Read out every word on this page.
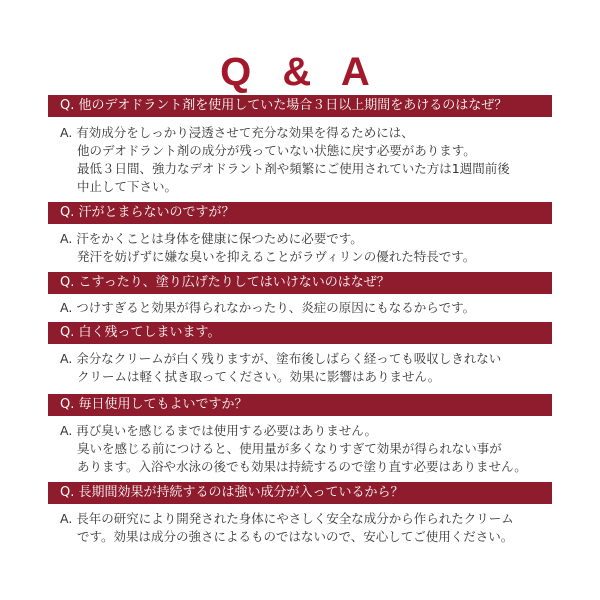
Q & A
Q. 他のデオドラント剤を使用していた場合３日以上期間をあけるのはなぜ？
A. 有効成分をしっかり浸透させて充分な効果を得るためには、
他のデオドラント剤の成分が残っていない状態に戻す必要があります。
最低３日間、強力なデオドラント剤や頻繁にご使用されていた方は1週間前後
中止して下さい。
Q. 汗がとまらないのですが？
A. 汗をかくことは身体を健康に保つために必要です。
発汗を妨げずに嫌な臭いを抑えることがラヴィリンの優れた特長です。
Q. こすったり、塗り広げたりしてはいけないのはなぜ？
A. つけすぎると効果が得られなかったり、炎症の原因にもなるからです。
Q. 白く残ってしまいます。
A. 余分なクリームが白く残りますが、塗布後しばらく経っても吸収しきれない
クリームは軽く拭き取ってください。効果に影響はありません。
Q. 毎日使用してもよいですか？
A. 再び臭いを感じるまでは使用する必要はありません。
臭いを感じる前につけると、使用量が多くなりすぎて効果が得られない事が
あります。入浴や水泳の後でも効果は持続するので塗り直す必要はありません。
Q. 長期間効果が持続するのは強い成分が入っているから？
A. 長年の研究により開発された身体にやさしく安全な成分から作られたクリーム
です。効果は成分の強さによるものではないので、安心してご使用ください。
